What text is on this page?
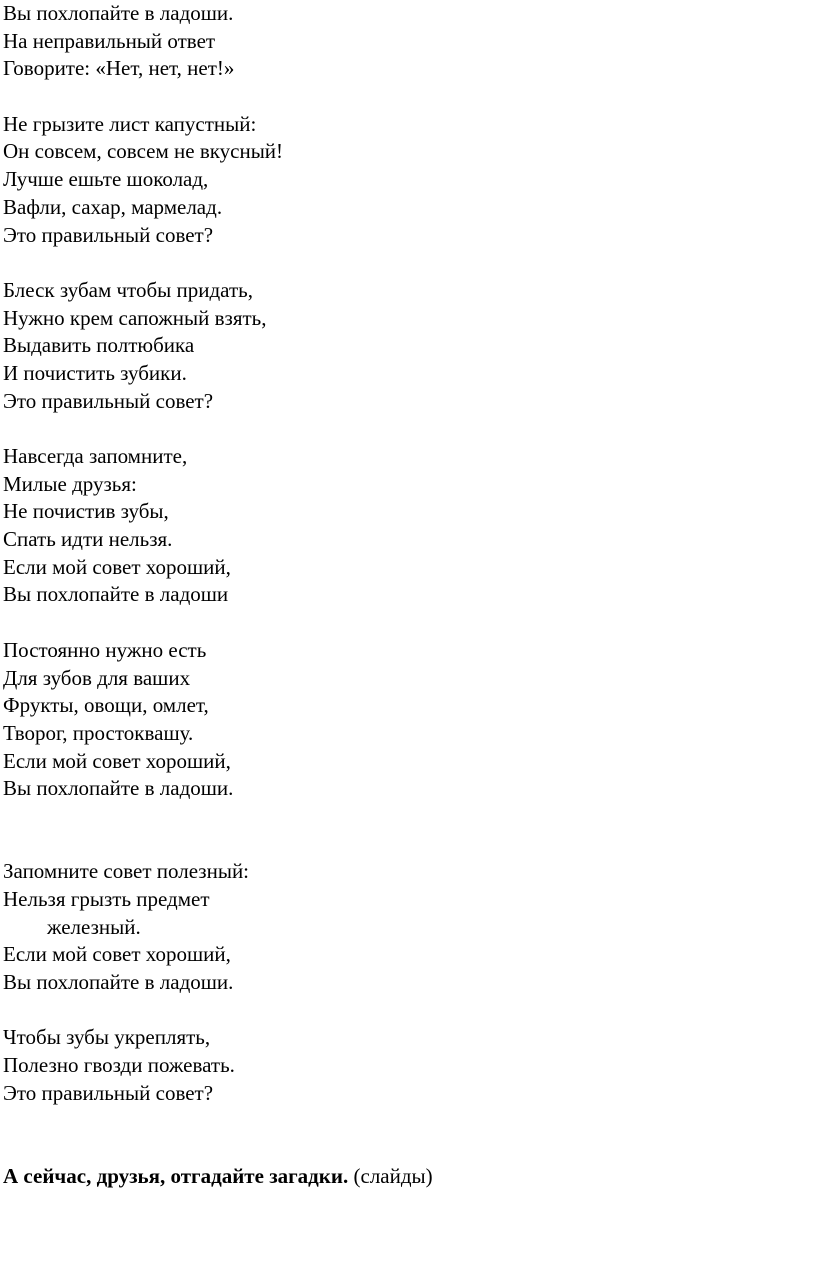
Вы похлопайте в ладоши.
На неправильный ответ
Говорите: «Нет, нет, нет!»
Не грызите лист капустный:
Он совсем, совсем не вкусный!
Лучше ешьте шоколад,
Вафли, сахар, мармелад.
Это правильный совет?
Блеск зубам чтобы придать,
Нужно крем сапожный взять,
Выдавить полтюбика
И почистить зубики.
Это правильный совет?
Навсегда запомните,
Милые друзья:
Не почистив зубы,
Спать идти нельзя.
Если мой совет хороший,
Вы похлопайте в ладоши
Постоянно нужно есть
Для зубов для ваших
Фрукты, овощи, омлет,
Творог, простоквашу.
Если мой совет хороший,
Вы похлопайте в ладоши.
Запомните совет полезный:
Нельзя грызть предмет
железный.
Если мой совет хороший,
Вы похлопайте в ладоши.
Чтобы зубы укреплять,
Полезно гвозди пожевать.
Это правильный совет?
А сейчас, друзья, отгадайте загадки. (слайды)
